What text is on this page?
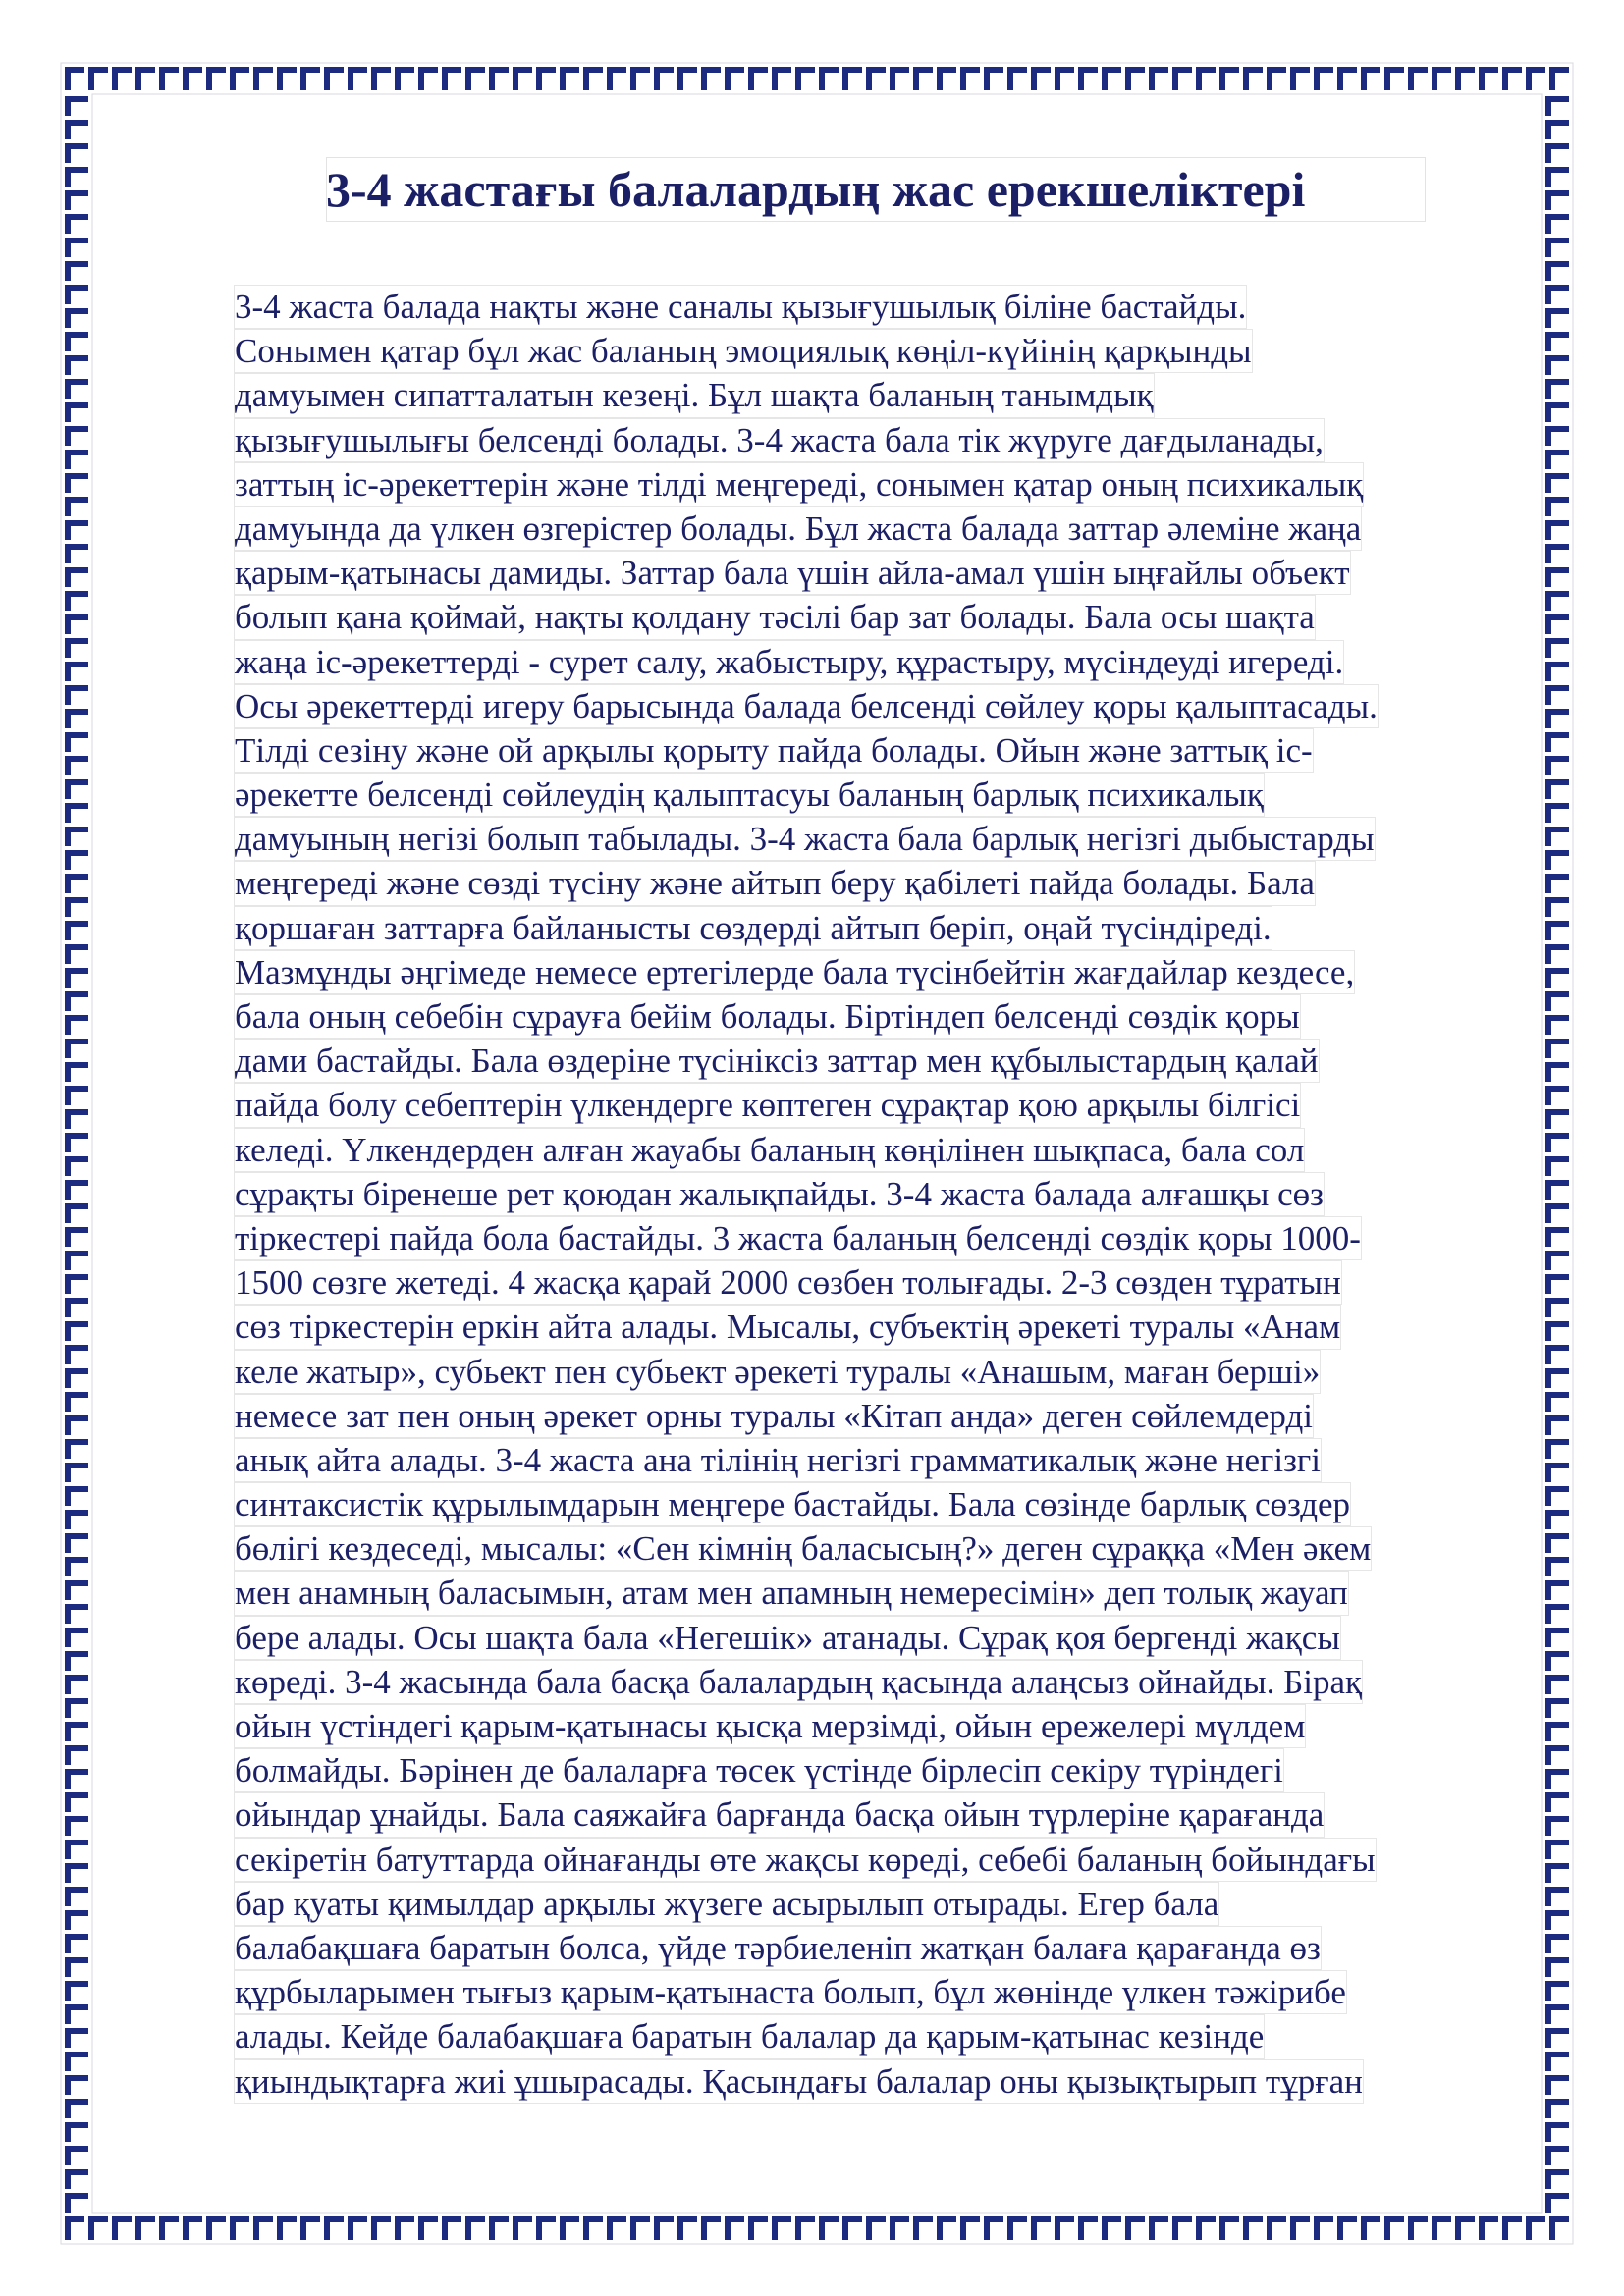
3-4 жастағы балалардың жас ерекшеліктері
3-4 жаста балада нақты және саналы қызығушылық біліне бастайды.
Сонымен қатар бұл жас баланың эмоциялық көңіл-күйінің қарқынды
дамуымен сипатталатын кезеңі. Бұл шақта баланың танымдық
қызығушылығы белсенді болады. 3-4 жаста бала тік жүруге дағдыланады,
заттың іс-әрекеттерін және тілді меңгереді, сонымен қатар оның психикалық
дамуында да үлкен өзгерістер болады. Бұл жаста балада заттар әлеміне жаңа
қарым-қатынасы дамиды. Заттар бала үшін айла-амал үшін ыңғайлы объект
болып қана қоймай, нақты қолдану тәсілі бар зат болады. Бала осы шақта
жаңа іс-әрекеттерді - сурет салу, жабыстыру, құрастыру, мүсіндеуді игереді.
Осы әрекеттерді игеру барысында балада белсенді сөйлеу қоры қалыптасады.
Тілді сезіну және ой арқылы қорыту пайда болады. Ойын және заттық іс-
әрекетте белсенді сөйлеудің қалыптасуы баланың барлық психикалық
дамуының негізі болып табылады. 3-4 жаста бала барлық негізгі дыбыстарды
меңгереді және сөзді түсіну және айтып беру қабілеті пайда болады. Бала
қоршаған заттарға байланысты сөздерді айтып беріп, оңай түсіндіреді.
Мазмұнды әңгімеде немесе ертегілерде бала түсінбейтін жағдайлар кездесе,
бала оның себебін сұрауға бейім болады. Біртіндеп белсенді сөздік қоры
дами бастайды. Бала өздеріне түсініксіз заттар мен құбылыстардың қалай
пайда болу себептерін үлкендерге көптеген сұрақтар қою арқылы білгісі
келеді. Үлкендерден алған жауабы баланың көңілінен шықпаса, бала сол
сұрақты біренеше рет қоюдан жалықпайды. 3-4 жаста балада алғашқы сөз
тіркестері пайда бола бастайды. 3 жаста баланың белсенді сөздік қоры 1000-
1500 сөзге жетеді. 4 жасқа қарай 2000 сөзбен толығады. 2-3 сөзден тұратын
сөз тіркестерін еркін айта алады. Мысалы, субъектің әрекеті туралы «Анам
келе жатыр», субьект пен субьект әрекеті туралы «Анашым, маған берші»
немесе зат пен оның әрекет орны туралы «Кітап анда» деген сөйлемдерді
анық айта алады. 3-4 жаста ана тілінің негізгі грамматикалық және негізгі
синтаксистік құрылымдарын меңгере бастайды. Бала сөзінде барлық сөздер
бөлігі кездеседі, мысалы: «Сен кімнің баласысың?» деген сұраққа «Мен әкем
мен анамның баласымын, атам мен апамның немересімін» деп толық жауап
бере алады. Осы шақта бала «Негешік» атанады. Сұрақ қоя бергенді жақсы
көреді. 3-4 жасында бала басқа балалардың қасында алаңсыз ойнайды. Бірақ
ойын үстіндегі қарым-қатынасы қысқа мерзімді, ойын ережелері мүлдем
болмайды. Бәрінен де балаларға төсек үстінде бірлесіп секіру түріндегі
ойындар ұнайды. Бала саяжайға барғанда басқа ойын түрлеріне қарағанда
секіретін батуттарда ойнағанды өте жақсы көреді, себебі баланың бойындағы
бар қуаты қимылдар арқылы жүзеге асырылып отырады. Егер бала
балабақшаға баратын болса, үйде тәрбиеленіп жатқан балаға қарағанда өз
құрбыларымен тығыз қарым-қатынаста болып, бұл жөнінде үлкен тәжірибе
алады. Кейде балабақшаға баратын балалар да қарым-қатынас кезінде
қиындықтарға жиі ұшырасады. Қасындағы балалар оны қызықтырып тұрған
